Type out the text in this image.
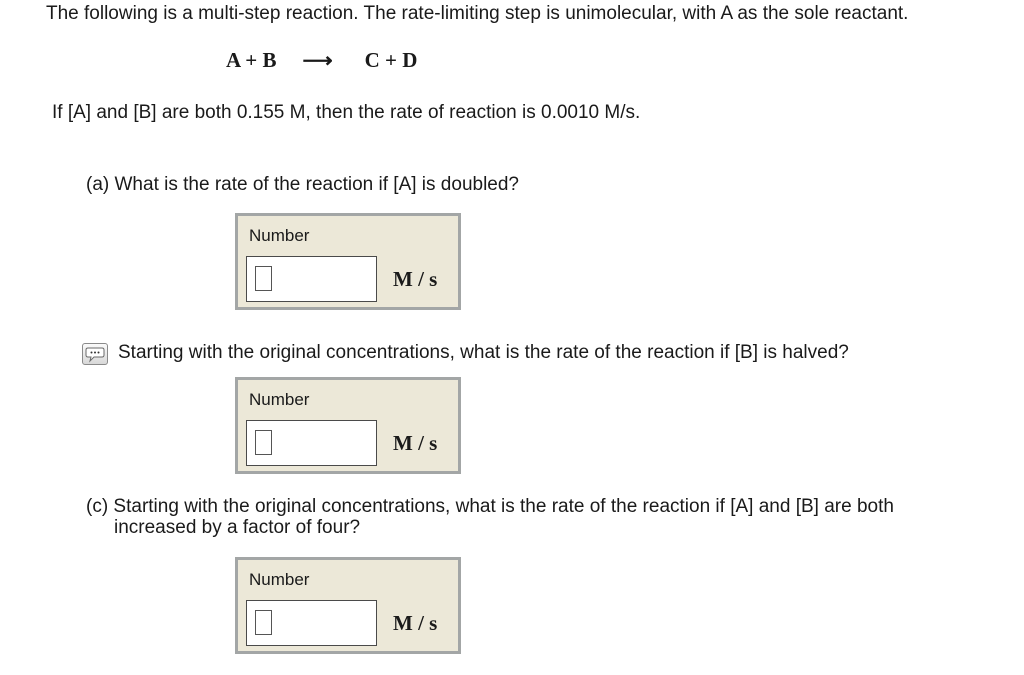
The following is a multi-step reaction. The rate-limiting step is unimolecular, with A as the sole reactant.
A + B ⟶ C + D
If [A] and [B] are both 0.155 M, then the rate of reaction is 0.0010 M/s.
(a) What is the rate of the reaction if [A] is doubled?
Number
M / s
Starting with the original concentrations, what is the rate of the reaction if [B] is halved?
Number
M / s
(c) Starting with the original concentrations, what is the rate of the reaction if [A] and [B] are both
increased by a factor of four?
Number
M / s
